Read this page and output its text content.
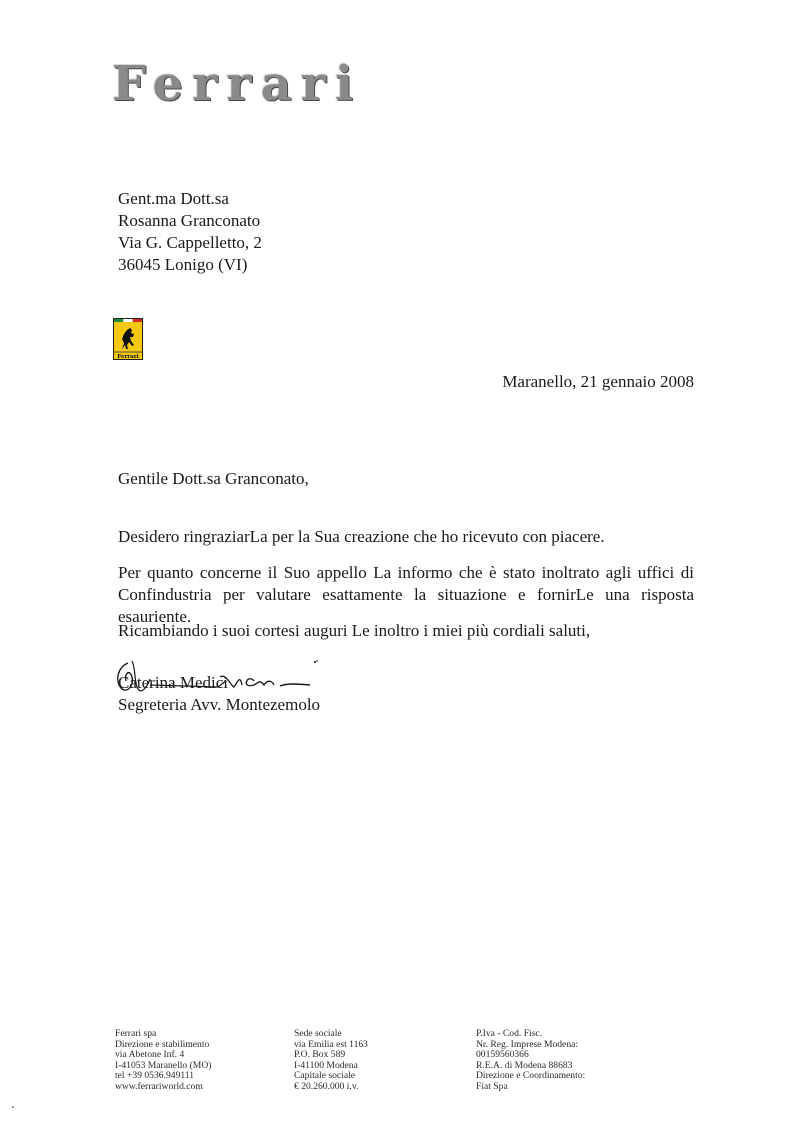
Ferrari
Gent.ma Dott.sa
Rosanna Granconato
Via G. Cappelletto, 2
36045 Lonigo (VI)
Ferrari
Maranello, 21 gennaio 2008
Gentile Dott.sa Granconato,
Desidero ringraziarLa per la Sua creazione che ho ricevuto con piacere.
Per quanto concerne il Suo appello La informo che è stato inoltrato agli uffici di Confindustria per valutare esattamente la situazione e fornirLe una risposta esauriente.
Ricambiando i suoi cortesi auguri Le inoltro i miei più cordiali saluti,
Caterina Medici
Segreteria Avv. Montezemolo
Ferrari spa
Direzione e stabilimento
via Abetone Inf. 4
I-41053 Maranello (MO)
tel +39 0536.949111
www.ferrariworld.com
Sede sociale
via Emilia est 1163
P.O. Box 589
I-41100 Modena
Capitale sociale
€ 20.260.000 i.v.
P.Iva - Cod. Fisc.
Nr. Reg. Imprese Modena:
00159560366
R.E.A. di Modena 88683
Direzione e Coordinamento:
Fiat Spa
